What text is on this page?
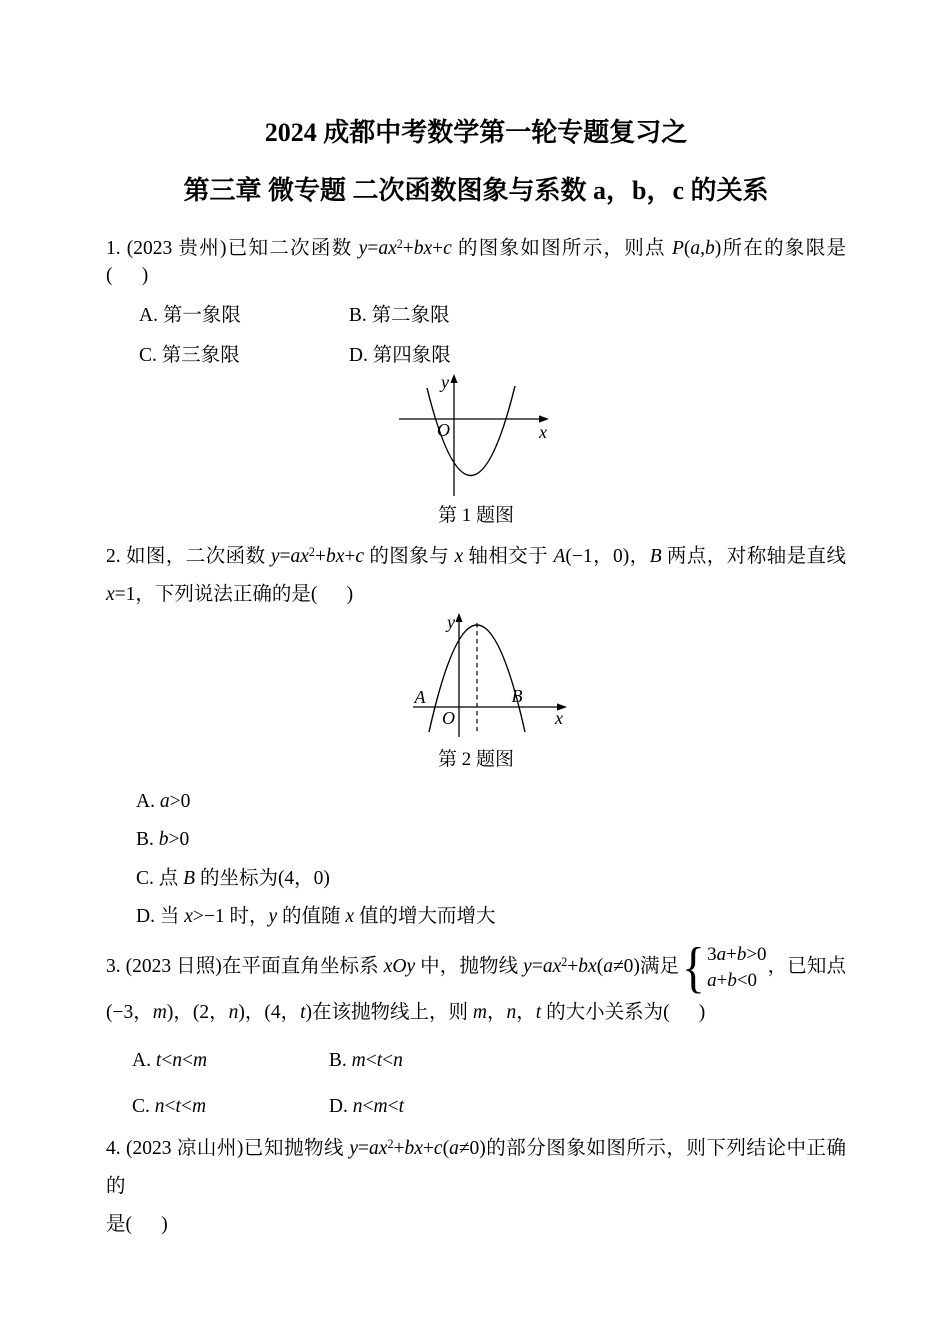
2024 成都中考数学第一轮专题复习之
第三章 微专题 二次函数图象与系数 a，b，c 的关系
1. (2023 贵州)已知二次函数 $y=ax^2+bx+c$ 的图象如图所示，则点 P(a,b)所在的象限是(      )
A. 第一象限	B. 第二象限
C. 第三象限	D. 第四象限
y
x
O
第 1 题图
2. 如图，二次函数 $y=ax^2+bx+c$ 的图象与 x 轴相交于 A(−1，0)，B 两点，对称轴是直线 x=1，下列说法正确的是(      )
y
x
O
A	B
第 2 题图
A. a>0
B. b>0
C. 点 B 的坐标为(4，0)
D. 当 x>−1 时，y 的值随 x 值的增大而增大
3. (2023 日照)在平面直角坐标系 xOy 中，抛物线 $y=ax^2+bx(a\ne 0)$满足 { 3a+b>0
a+b<0
，已知点(−3，m)，(2，n)，(4，t)在该抛物线上，则 m，n，t 的大小关系为(      )
A. t<n<m	B. m<t<n
C. n<t<m	D. n<m<t
4. (2023 凉山州)已知抛物线 $y=ax^2+bx+c(a\ne 0)$的部分图象如图所示，则下列结论中正确的
是(      )
